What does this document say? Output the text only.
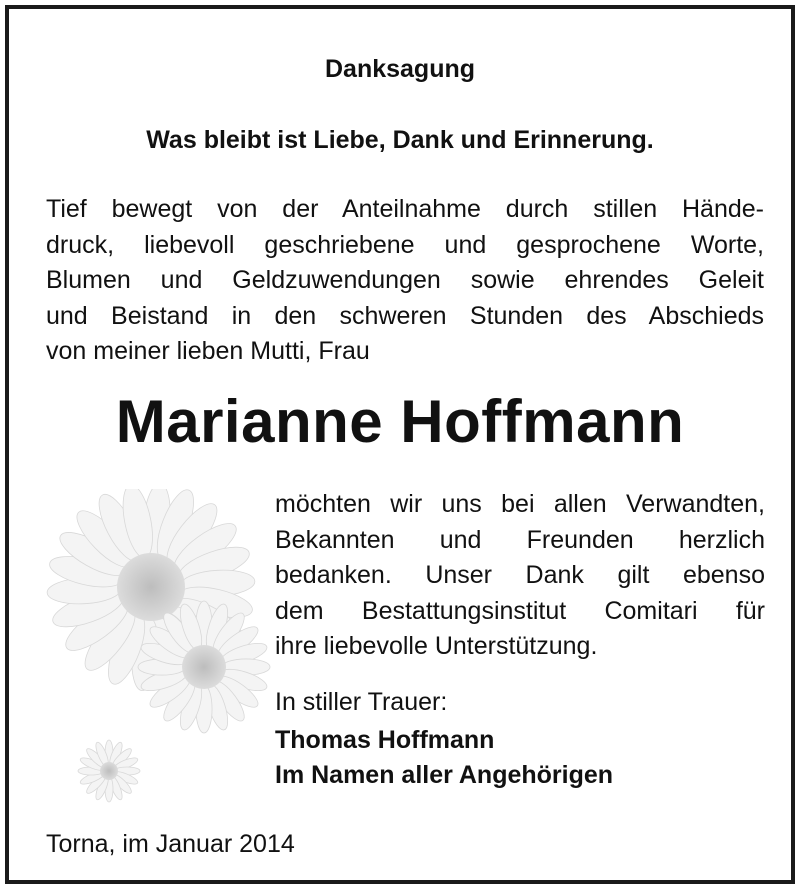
Danksagung
Was bleibt ist Liebe, Dank und Erinnerung.
Tief bewegt von der Anteilnahme durch stillen Hände-
druck, liebevoll geschriebene und gesprochene Worte,
Blumen und Geldzuwendungen sowie ehrendes Geleit
und Beistand in den schweren Stunden des Abschieds
von meiner lieben Mutti, Frau
Marianne Hoffmann
möchten wir uns bei allen Verwandten,
Bekannten und Freunden herzlich
bedanken. Unser Dank gilt ebenso
dem Bestattungsinstitut Comitari für
ihre liebevolle Unterstützung.
In stiller Trauer:
Thomas Hoffmann
Im Namen aller Angehörigen
Torna, im Januar 2014
